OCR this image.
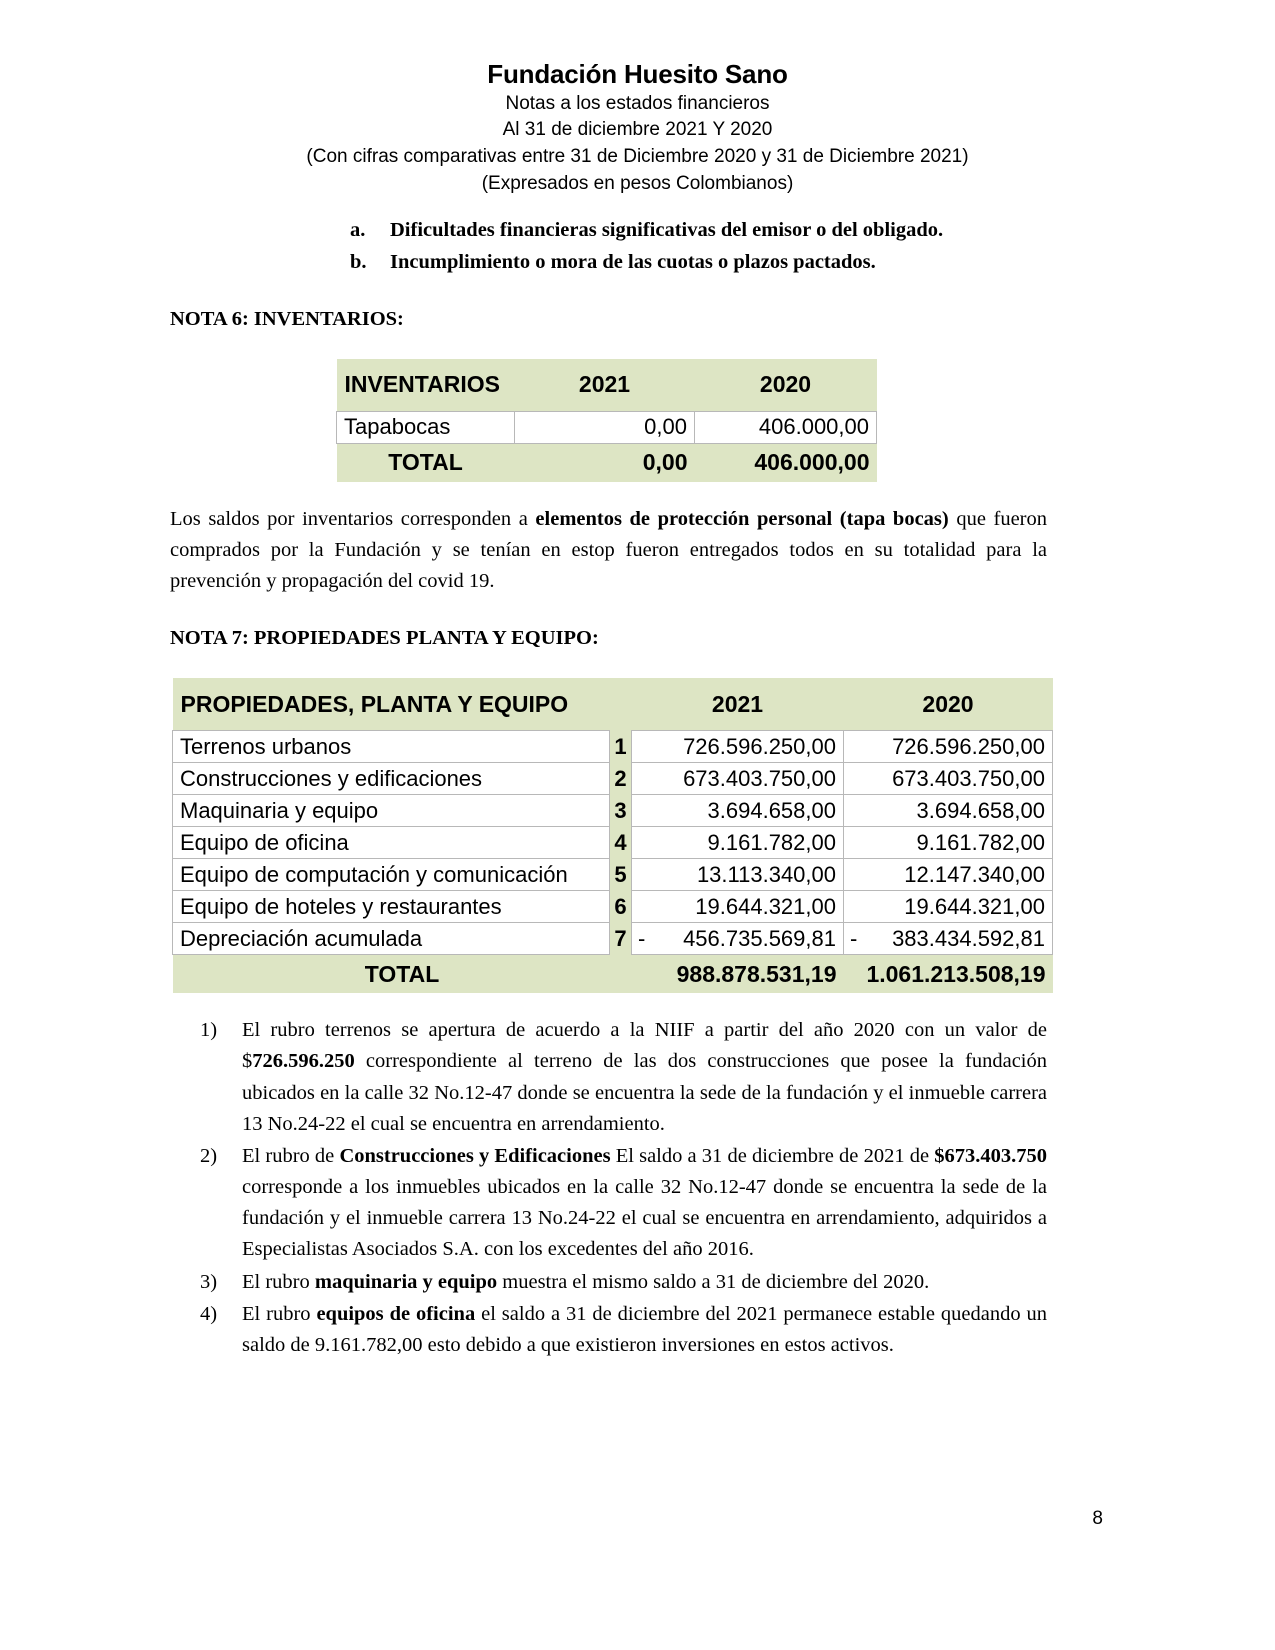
Fundación Huesito Sano
Notas a los estados financieros
Al 31 de diciembre 2021 Y 2020
(Con cifras comparativas entre 31 de Diciembre 2020 y 31 de Diciembre 2021)
(Expresados en pesos Colombianos)
a. Dificultades financieras significativas del emisor o del obligado.
b. Incumplimiento o mora de las cuotas o plazos pactados.
NOTA 6: INVENTARIOS:
INVENTARIOS	2021	2020
Tapabocas	0,00	406.000,00
TOTAL	0,00	406.000,00

Los saldos por inventarios corresponden a elementos de protección personal (tapa bocas) que fueron comprados por la Fundación y se tenían en estop fueron entregados todos en su totalidad para la prevención y propagación del covid 19.

NOTA 7: PROPIEDADES PLANTA Y EQUIPO:
PROPIEDADES, PLANTA Y EQUIPO		2021		2020	
Terrenos urbanos	1		726.596.250,00		726.596.250,00
Construcciones y edificaciones	2		673.403.750,00		673.403.750,00
Maquinaria y equipo	3		3.694.658,00		3.694.658,00
Equipo de oficina	4		9.161.782,00		9.161.782,00
Equipo de computación y comunicación	5		13.113.340,00		12.147.340,00
Equipo de hoteles y restaurantes	6		19.644.321,00		19.644.321,00
Depreciación acumulada	7	-	456.735.569,81	-	383.434.592,81
TOTAL		988.878.531,19		1.061.213.508,19	
1) El rubro terrenos se apertura de acuerdo a la NIIF a partir del año 2020 con un valor de $726.596.250 correspondiente al terreno de las dos construcciones que posee la fundación ubicados en la calle 32 No.12-47 donde se encuentra la sede de la fundación y el inmueble carrera 13 No.24-22 el cual se encuentra en arrendamiento.
2) El rubro de Construcciones y Edificaciones El saldo a 31 de diciembre de 2021 de $673.403.750 corresponde a los inmuebles ubicados en la calle 32 No.12-47 donde se encuentra la sede de la fundación y el inmueble carrera 13 No.24-22 el cual se encuentra en arrendamiento, adquiridos a Especialistas Asociados S.A. con los excedentes del año 2016.
3) El rubro maquinaria y equipo muestra el mismo saldo a 31 de diciembre del 2020.
4) El rubro equipos de oficina el saldo a 31 de diciembre del 2021 permanece estable quedando un saldo de 9.161.782,00 esto debido a que existieron inversiones en estos activos.
8
